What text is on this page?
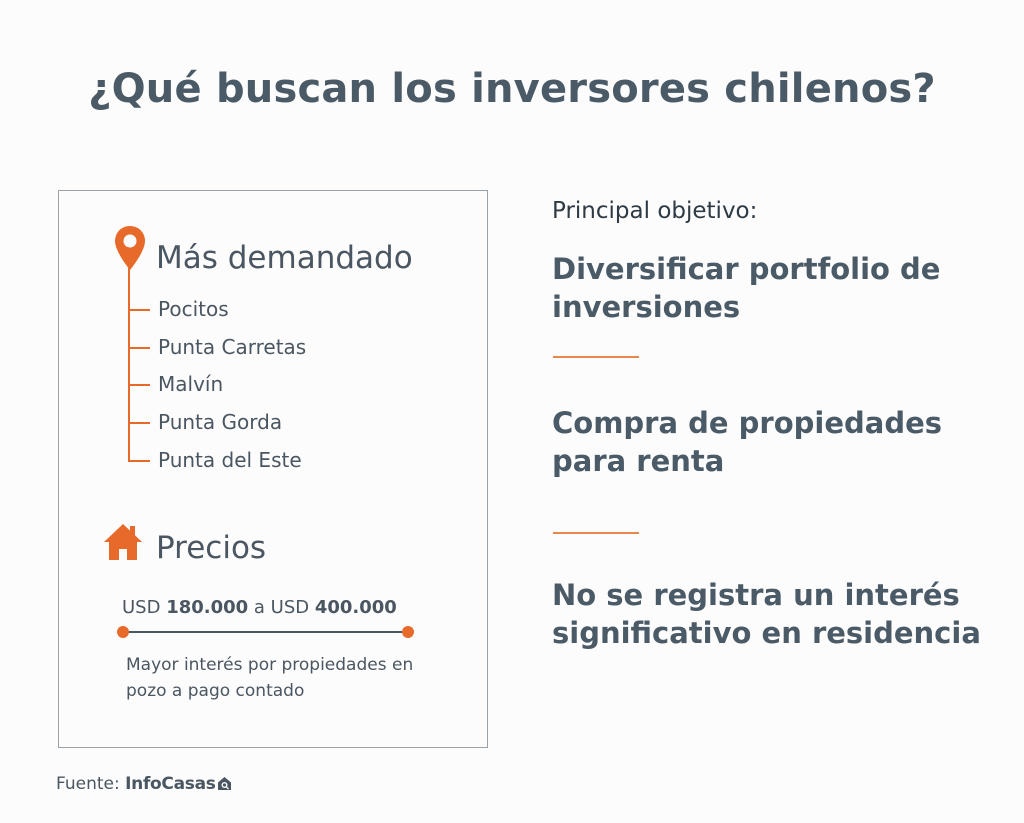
¿Qué buscan los inversores chilenos?
Más demandado
Pocitos
Punta Carretas
Malvín
Punta Gorda
Punta del Este
Precios
USD 180.000 a USD 400.000
Mayor interés por propiedades en pozo a pago contado
Principal objetivo:
Diversificar portfolio de inversiones
Compra de propiedades para renta
No se registra un interés significativo en residencia
Fuente: InfoCasas
